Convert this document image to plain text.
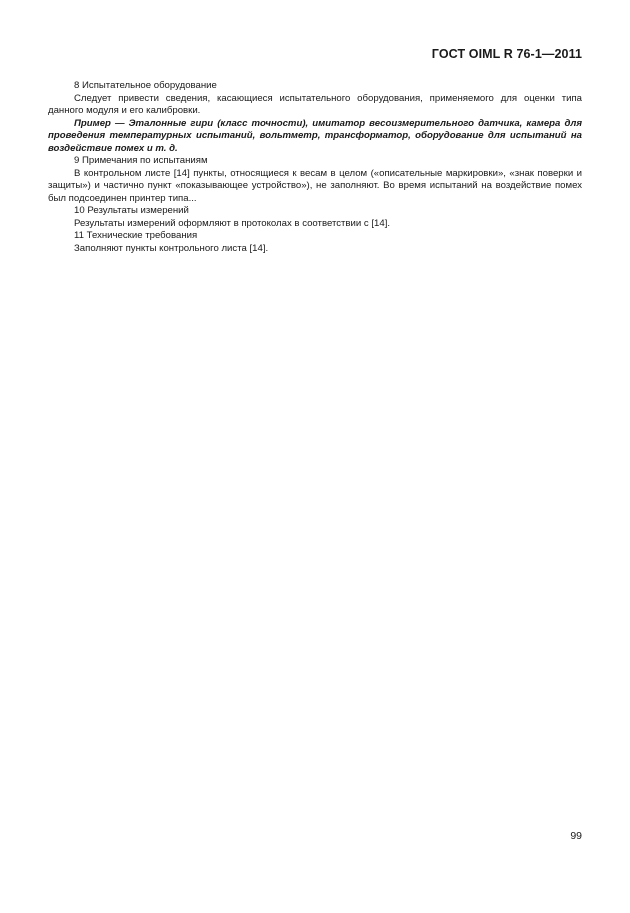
ГОСТ OIML R 76-1—2011

8 Испытательное оборудование

Следует привести сведения, касающиеся испытательного оборудования, применяемого для оценки типа данного модуля и его калибровки.

Пример — Эталонные гири (класс точности), имитатор весоизмерительного датчика, камера для проведения температурных испытаний, вольтметр, трансформатор, оборудование для испытаний на воздействие помех и т. д.

9 Примечания по испытаниям

В контрольном листе [14] пункты, относящиеся к весам в целом («описательные маркировки», «знак поверки и защиты») и частично пункт «показывающее устройство»), не заполняют. Во время испытаний на воздействие помех был подсоединен принтер типа...

10 Результаты измерений

Результаты измерений оформляют в протоколах в соответствии с [14].

11 Технические требования

Заполняют пункты контрольного листа [14].

99
